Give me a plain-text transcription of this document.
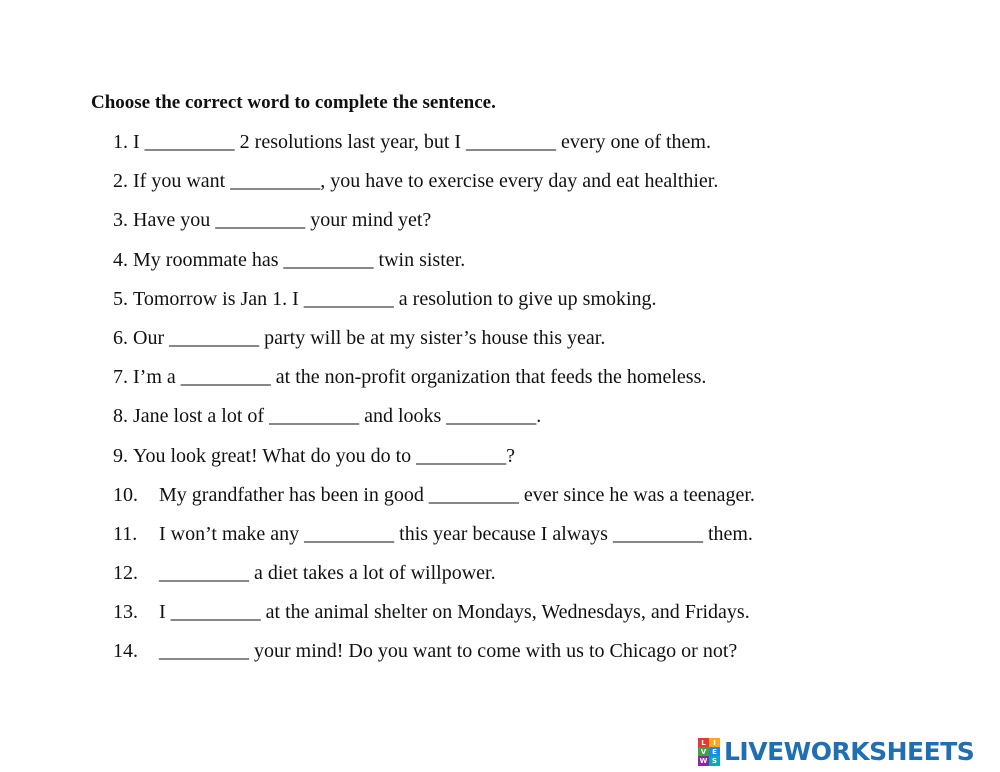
Choose the correct word to complete the sentence.
1. I _________ 2 resolutions last year, but I _________ every one of them.
2. If you want _________, you have to exercise every day and eat healthier.
3. Have you _________ your mind yet?
4. My roommate has _________ twin sister.
5. Tomorrow is Jan 1. I _________ a resolution to give up smoking.
6. Our _________ party will be at my sister’s house this year.
7. I’m a _________ at the non-profit organization that feeds the homeless.
8. Jane lost a lot of _________ and looks _________.
9. You look great! What do you do to _________?
10.	My grandfather has been in good _________ ever since he was a teenager.
11.	I won’t make any _________ this year because I always _________ them.
12.	_________ a diet takes a lot of willpower.
13.	I _________ at the animal shelter on Mondays, Wednesdays, and Fridays.
14.	_________ your mind! Do you want to come with us to Chicago or not?
L	I
V E
W S LIVEWORKSHEETS
